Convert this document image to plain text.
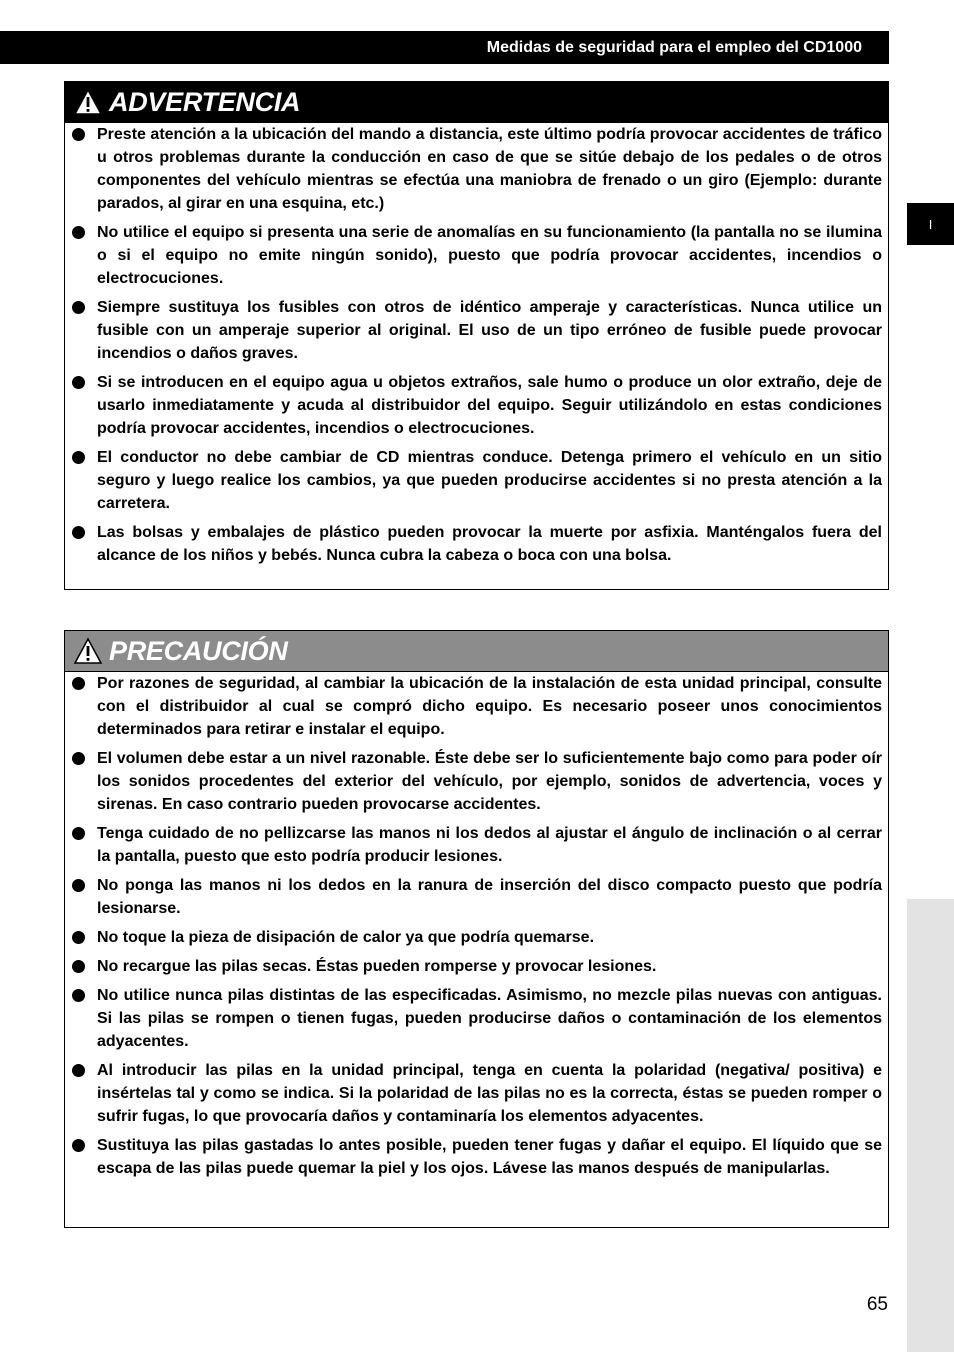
Medidas de seguridad para el empleo del CD1000
I
ADVERTENCIA
Preste atención a la ubicación del mando a distancia, este último podría provocar accidentes de tráfico u otros problemas durante la conducción en caso de que se sitúe debajo de los pedales o de otros componentes del vehículo mientras se efectúa una maniobra de frenado o un giro (Ejemplo: durante parados, al girar en una esquina, etc.)
No utilice el equipo si presenta una serie de anomalías en su funcionamiento (la pantalla no se ilumina o si el equipo no emite ningún sonido), puesto que podría provocar accidentes, incendios o electrocuciones.
Siempre sustituya los fusibles con otros de idéntico amperaje y características. Nunca utilice un fusible con un amperaje superior al original. El uso de un tipo erróneo de fusible puede provocar incendios o daños graves.
Si se introducen en el equipo agua u objetos extraños, sale humo o produce un olor extraño, deje de usarlo inmediatamente y acuda al distribuidor del equipo. Seguir utilizándolo en estas condiciones podría provocar accidentes, incendios o electrocuciones.
El conductor no debe cambiar de CD mientras conduce. Detenga primero el vehículo en un sitio seguro y luego realice los cambios, ya que pueden producirse accidentes si no presta atención a la carretera.
Las bolsas y embalajes de plástico pueden provocar la muerte por asfixia. Manténgalos fuera del alcance de los niños y bebés. Nunca cubra la cabeza o boca con una bolsa.
PRECAUCIÓN
Por razones de seguridad, al cambiar la ubicación de la instalación de esta unidad principal, consulte con el distribuidor al cual se compró dicho equipo. Es necesario poseer unos conocimientos determinados para retirar e instalar el equipo.
El volumen debe estar a un nivel razonable. Éste debe ser lo suficientemente bajo como para poder oír los sonidos procedentes del exterior del vehículo, por ejemplo, sonidos de advertencia, voces y sirenas. En caso contrario pueden provocarse accidentes.
Tenga cuidado de no pellizcarse las manos ni los dedos al ajustar el ángulo de inclinación o al cerrar la pantalla, puesto que esto podría producir lesiones.
No ponga las manos ni los dedos en la ranura de inserción del disco compacto puesto que podría lesionarse.
No toque la pieza de disipación de calor ya que podría quemarse.
No recargue las pilas secas. Éstas pueden romperse y provocar lesiones.
No utilice nunca pilas distintas de las especificadas. Asimismo, no mezcle pilas nuevas con antiguas. Si las pilas se rompen o tienen fugas, pueden producirse daños o contaminación de los elementos adyacentes.
Al introducir las pilas en la unidad principal, tenga en cuenta la polaridad (negativa/ positiva) e insértelas tal y como se indica. Si la polaridad de las pilas no es la correcta, éstas se pueden romper o sufrir fugas, lo que provocaría daños y contaminaría los elementos adyacentes.
Sustituya las pilas gastadas lo antes posible, pueden tener fugas y dañar el equipo. El líquido que se escapa de las pilas puede quemar la piel y los ojos. Lávese las manos después de manipularlas.
65
